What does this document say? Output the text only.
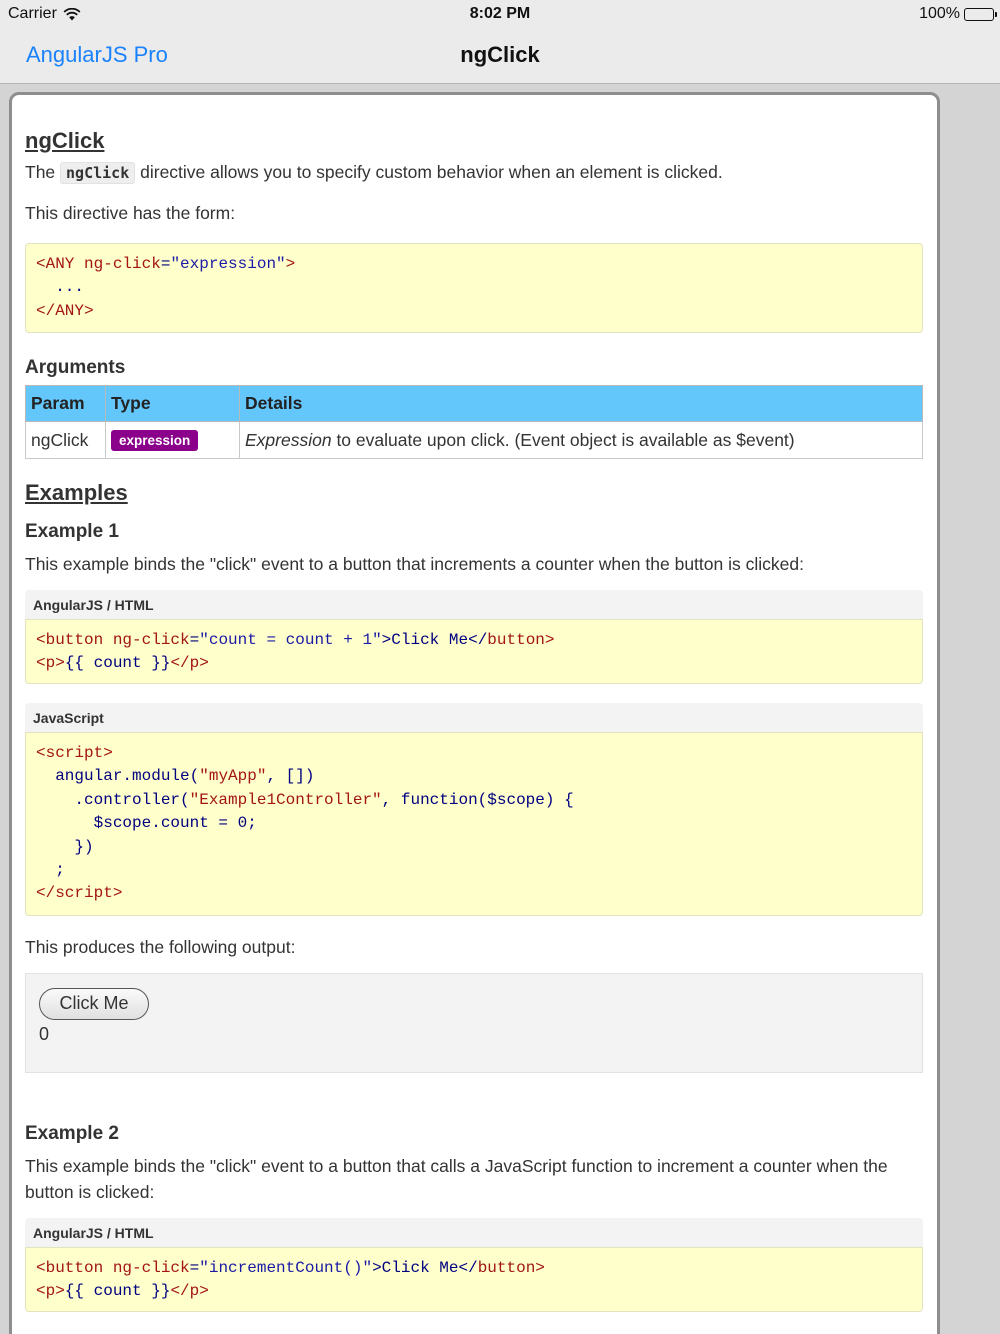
Carrier	8:02 PM	100%
AngularJS Pro	ngClick
ngClick

The ngClick directive allows you to specify custom behavior when an element is clicked.

This directive has the form:

<ANY ng-click="expression">
...
</ANY>
Arguments
Param	Type	Details
ngClick	expression	Expression to evaluate upon click. (Event object is available as $event)
Examples
Example 1

This example binds the "click" event to a button that increments a counter when the button is clicked:

AngularJS / HTML
<button ng-click="count = count + 1">Click Me</button>
<p>{{ count }}</p>
JavaScript
<script>
angular.module("myApp", [])
.controller("Example1Controller", function($scope) {
$scope.count = 0;
})
;
</script>

This produces the following output:

Click Me
0
Example 2

This example binds the "click" event to a button that calls a JavaScript function to increment a counter when the button is clicked:

AngularJS / HTML
<button ng-click="incrementCount()">Click Me</button>
<p>{{ count }}</p>
